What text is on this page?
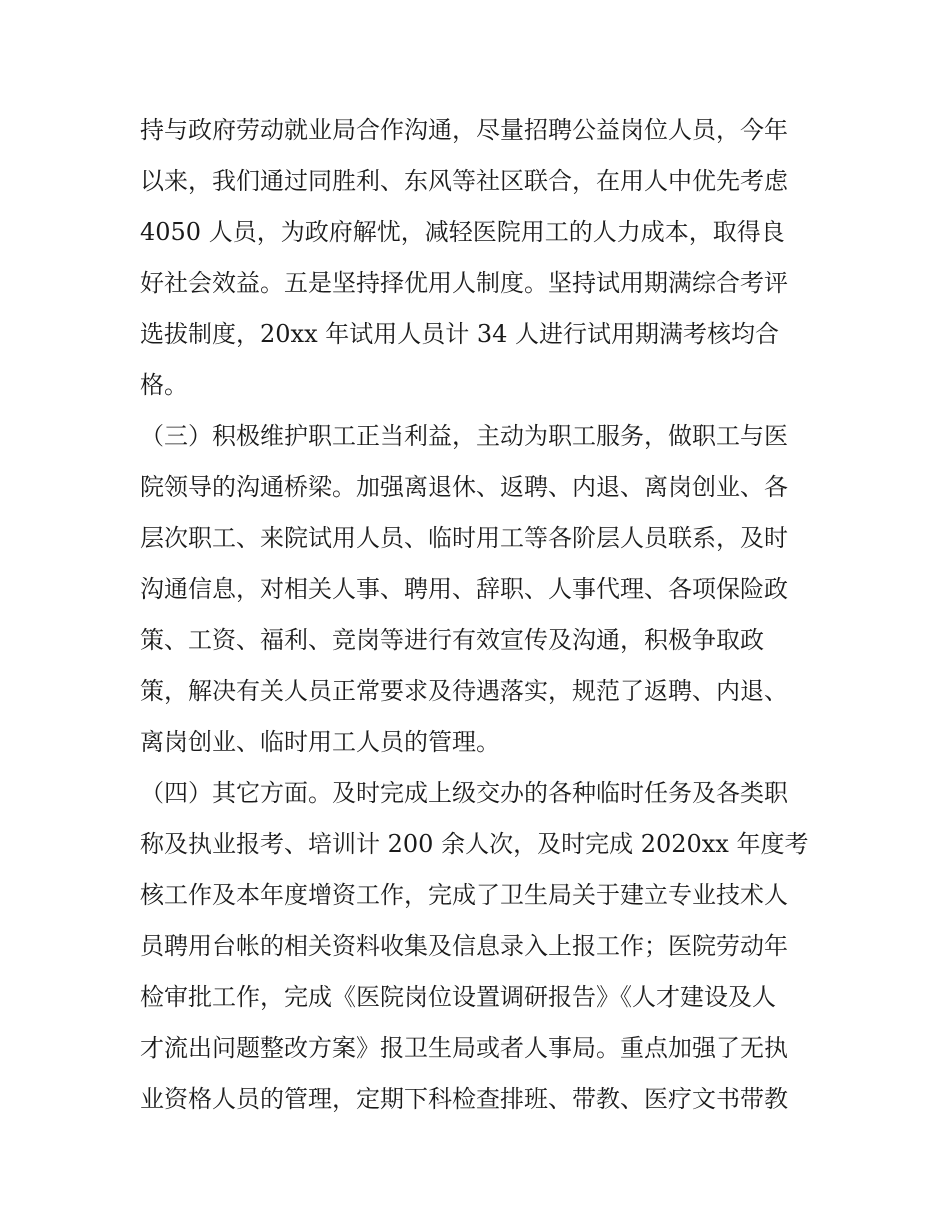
持与政府劳动就业局合作沟通，尽量招聘公益岗位人员，今年
以来，我们通过同胜利、东风等社区联合，在用人中优先考虑
4050 人员，为政府解忧，减轻医院用工的人力成本，取得良
好社会效益。五是坚持择优用人制度。坚持试用期满综合考评
选拔制度，20xx 年试用人员计 34 人进行试用期满考核均合
格。
（三）积极维护职工正当利益，主动为职工服务，做职工与医
院领导的沟通桥梁。加强离退休、返聘、内退、离岗创业、各
层次职工、来院试用人员、临时用工等各阶层人员联系，及时
沟通信息，对相关人事、聘用、辞职、人事代理、各项保险政
策、工资、福利、竞岗等进行有效宣传及沟通，积极争取政
策，解决有关人员正常要求及待遇落实，规范了返聘、内退、
离岗创业、临时用工人员的管理。
（四）其它方面。及时完成上级交办的各种临时任务及各类职
称及执业报考、培训计 200 余人次，及时完成 2020xx 年度考
核工作及本年度增资工作，完成了卫生局关于建立专业技术人
员聘用台帐的相关资料收集及信息录入上报工作；医院劳动年
检审批工作，完成《医院岗位设置调研报告》《人才建设及人
才流出问题整改方案》报卫生局或者人事局。重点加强了无执
业资格人员的管理，定期下科检查排班、带教、医疗文书带教
